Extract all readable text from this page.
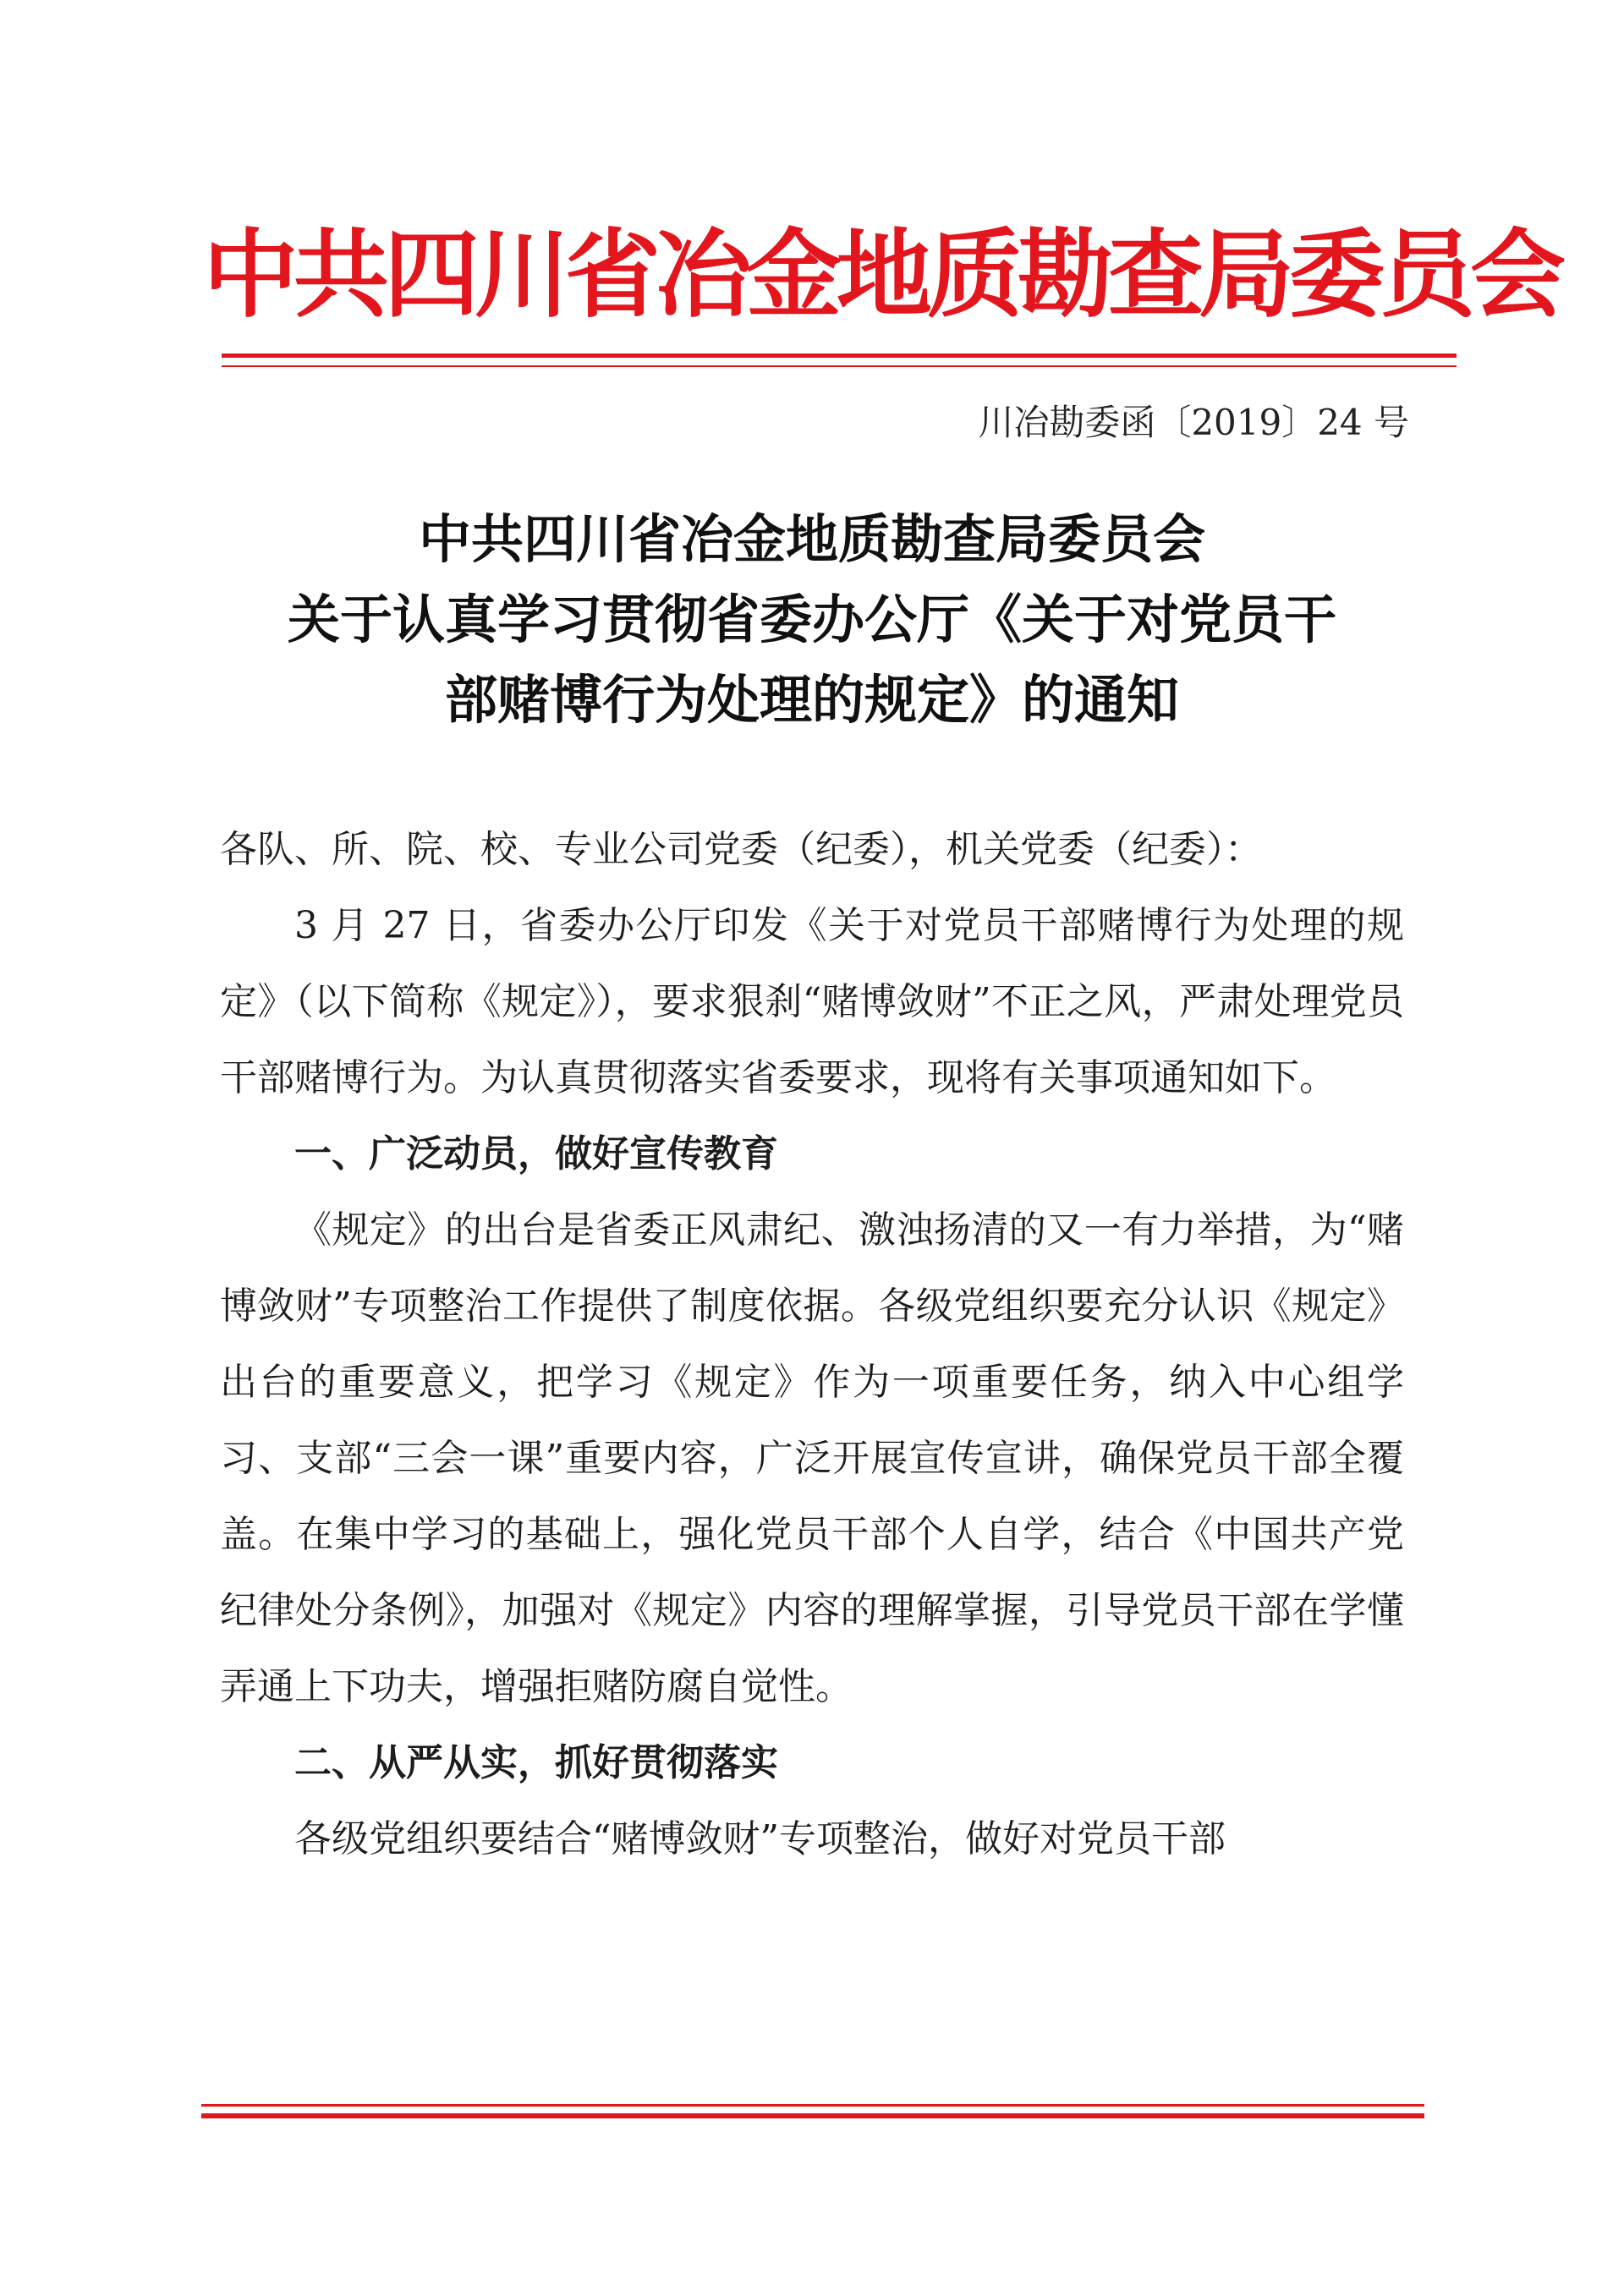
中共四川省冶金地质勘查局委员会
川冶勘委函〔2019〕24 号
中共四川省冶金地质勘查局委员会
关于认真学习贯彻省委办公厅《关于对党员干
部赌博行为处理的规定》的通知

各队、所、院、校、专业公司党委（纪委），机关党委（纪委）：

3 月 27 日，省委办公厅印发《关于对党员干部赌博行为处理的规定》（以下简称《规定》），要求狠刹“赌博敛财”不正之风，严肃处理党员干部赌博行为。为认真贯彻落实省委要求，现将有关事项通知如下。

一、广泛动员，做好宣传教育

《规定》的出台是省委正风肃纪、激浊扬清的又一有力举措，为“赌博敛财”专项整治工作提供了制度依据。各级党组织要充分认识《规定》出台的重要意义，把学习《规定》作为一项重要任务，纳入中心组学习、支部“三会一课”重要内容，广泛开展宣传宣讲，确保党员干部全覆盖。在集中学习的基础上，强化党员干部个人自学，结合《中国共产党纪律处分条例》，加强对《规定》内容的理解掌握，引导党员干部在学懂弄通上下功夫，增强拒赌防腐自觉性。

二、从严从实，抓好贯彻落实

各级党组织要结合“赌博敛财”专项整治，做好对党员干部
